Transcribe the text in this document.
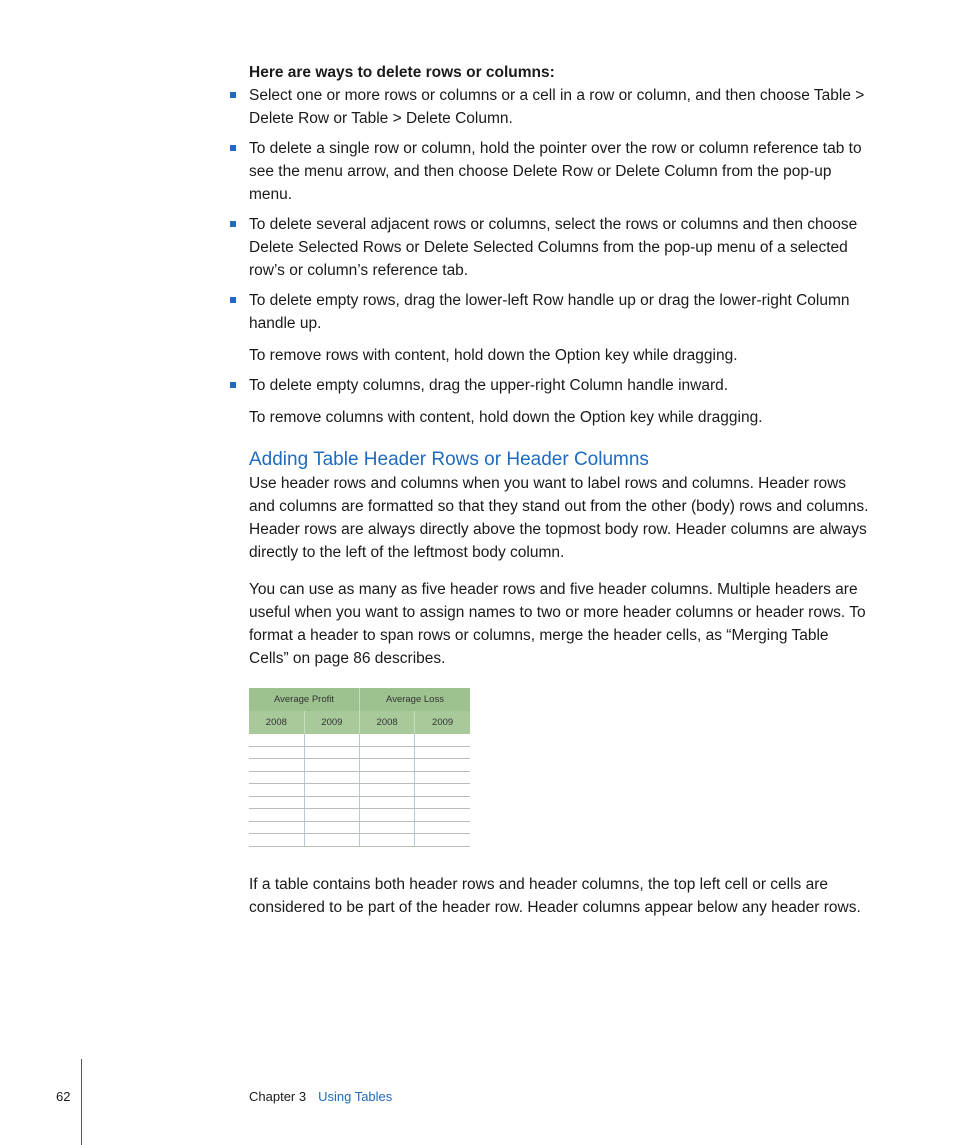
Here are ways to delete rows or columns:

Select one or more rows or columns or a cell in a row or column, and then choose Table > Delete Row or Table > Delete Column.

To delete a single row or column, hold the pointer over the row or column reference tab to see the menu arrow, and then choose Delete Row or Delete Column from the pop-up menu.

To delete several adjacent rows or columns, select the rows or columns and then choose Delete Selected Rows or Delete Selected Columns from the pop-up menu of a selected row’s or column’s reference tab.

To delete empty rows, drag the lower-left Row handle up or drag the lower-right Column handle up.

To remove rows with content, hold down the Option key while dragging.

To delete empty columns, drag the upper-right Column handle inward.

To remove columns with content, hold down the Option key while dragging.

Adding Table Header Rows or Header Columns

Use header rows and columns when you want to label rows and columns. Header rows and columns are formatted so that they stand out from the other (body) rows and columns. Header rows are always directly above the topmost body row. Header columns are always directly to the left of the leftmost body column.

You can use as many as five header rows and five header columns. Multiple headers are useful when you want to assign names to two or more header columns or header rows. To format a header to span rows or columns, merge the header cells, as “Merging Table Cells” on page 86 describes.

Average Profit		Average Loss	
2008	2009	2008	2009

If a table contains both header rows and header columns, the top left cell or cells are considered to be part of the header row. Header columns appear below any header rows.

62	Chapter 3 Using Tables
